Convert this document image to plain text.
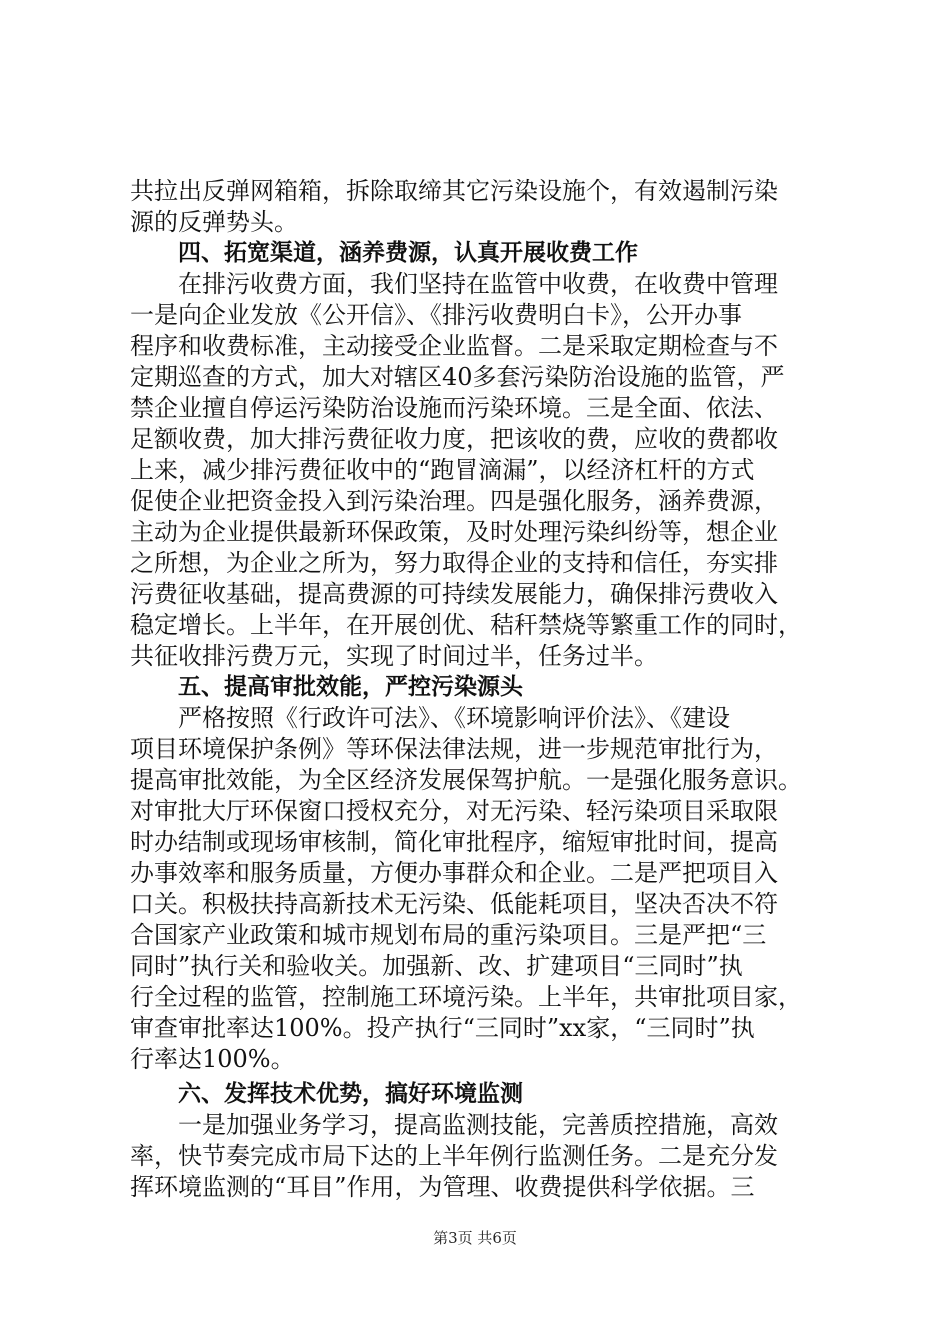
共拉出反弹网箱箱，拆除取缔其它污染设施个，有效遏制污染
源的反弹势头。
四、拓宽渠道，涵养费源，认真开展收费工作
在排污收费方面，我们坚持在监管中收费，在收费中管理
一是向企业发放《公开信》、《排污收费明白卡》，公开办事
程序和收费标准，主动接受企业监督。二是采取定期检查与不
定期巡查的方式，加大对辖区40多套污染防治设施的监管，严
禁企业擅自停运污染防治设施而污染环境。三是全面、依法、
足额收费，加大排污费征收力度，把该收的费，应收的费都收
上来，减少排污费征收中的“跑冒滴漏”，以经济杠杆的方式
促使企业把资金投入到污染治理。四是强化服务，涵养费源，
主动为企业提供最新环保政策，及时处理污染纠纷等，想企业
之所想，为企业之所为，努力取得企业的支持和信任，夯实排
污费征收基础，提高费源的可持续发展能力，确保排污费收入
稳定增长。上半年，在开展创优、秸秆禁烧等繁重工作的同时，
共征收排污费万元，实现了时间过半，任务过半。
五、提高审批效能，严控污染源头
严格按照《行政许可法》、《环境影响评价法》、《建设
项目环境保护条例》等环保法律法规，进一步规范审批行为，
提高审批效能，为全区经济发展保驾护航。一是强化服务意识。
对审批大厅环保窗口授权充分，对无污染、轻污染项目采取限
时办结制或现场审核制，简化审批程序，缩短审批时间，提高
办事效率和服务质量，方便办事群众和企业。二是严把项目入
口关。积极扶持高新技术无污染、低能耗项目，坚决否决不符
合国家产业政策和城市规划布局的重污染项目。三是严把“三
同时”执行关和验收关。加强新、改、扩建项目“三同时”执
行全过程的监管，控制施工环境污染。上半年，共审批项目家，
审查审批率达100%。投产执行“三同时”xx家，“三同时”执
行率达100%。
六、发挥技术优势，搞好环境监测
一是加强业务学习，提高监测技能，完善质控措施，高效
率，快节奏完成市局下达的上半年例行监测任务。二是充分发
挥环境监测的“耳目”作用，为管理、收费提供科学依据。三
第3页 共6页
